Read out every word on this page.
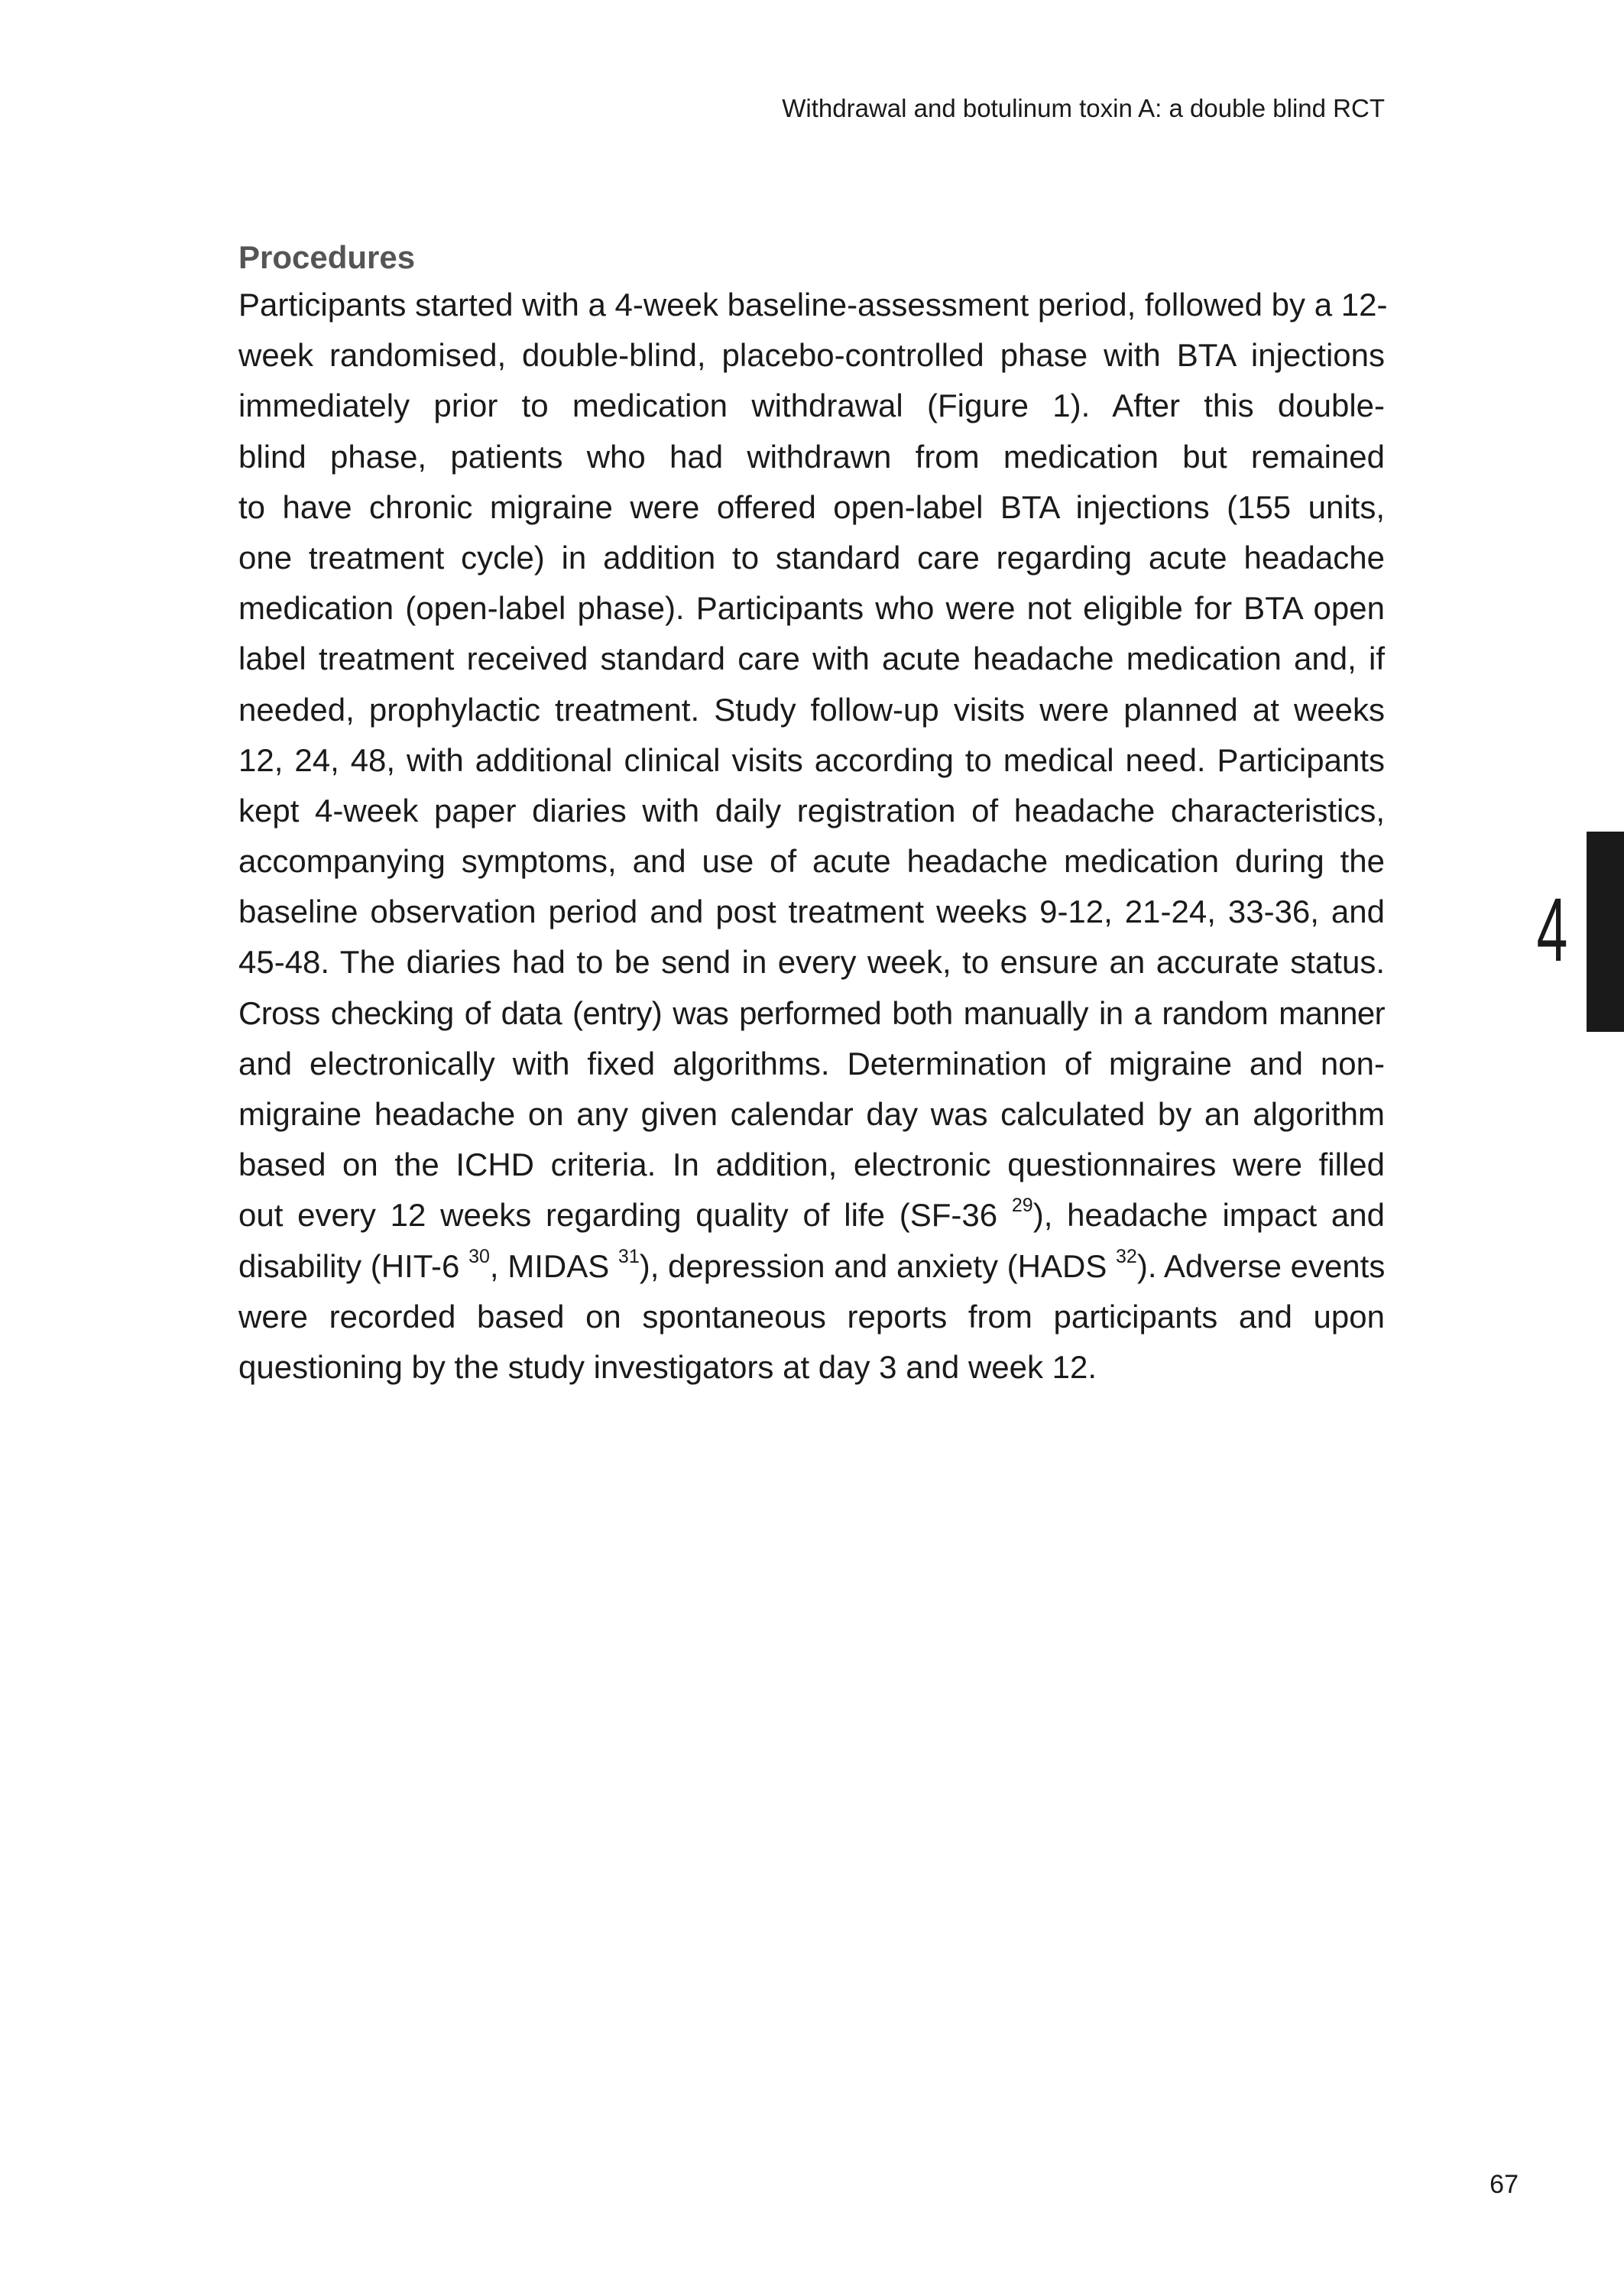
Withdrawal and botulinum toxin A: a double blind RCT
Procedures
Participants started with a 4-week baseline-assessment period, followed by a 12-
week randomised, double-blind, placebo-controlled phase with BTA injections
immediately prior to medication withdrawal (Figure 1). After this double-
blind phase, patients who had withdrawn from medication but remained
to have chronic migraine were offered open-label BTA injections (155 units,
one treatment cycle) in addition to standard care regarding acute headache
medication (open-label phase). Participants who were not eligible for BTA open
label treatment received standard care with acute headache medication and, if
needed, prophylactic treatment. Study follow-up visits were planned at weeks
12, 24, 48, with additional clinical visits according to medical need. Participants
kept 4-week paper diaries with daily registration of headache characteristics,
accompanying symptoms, and use of acute headache medication during the
baseline observation period and post treatment weeks 9-12, 21-24, 33-36, and
45-48. The diaries had to be send in every week, to ensure an accurate status.
Cross checking of data (entry) was performed both manually in a random manner
and electronically with fixed algorithms. Determination of migraine and non-
migraine headache on any given calendar day was calculated by an algorithm
based on the ICHD criteria. In addition, electronic questionnaires were filled
out every 12 weeks regarding quality of life (SF-36 $^{29}$), headache impact and
disability (HIT-6 $^{30}$, MIDAS $^{31}$), depression and anxiety (HADS $^{32}$). Adverse events
were recorded based on spontaneous reports from participants and upon
questioning by the study investigators at day 3 and week 12.
4
67
